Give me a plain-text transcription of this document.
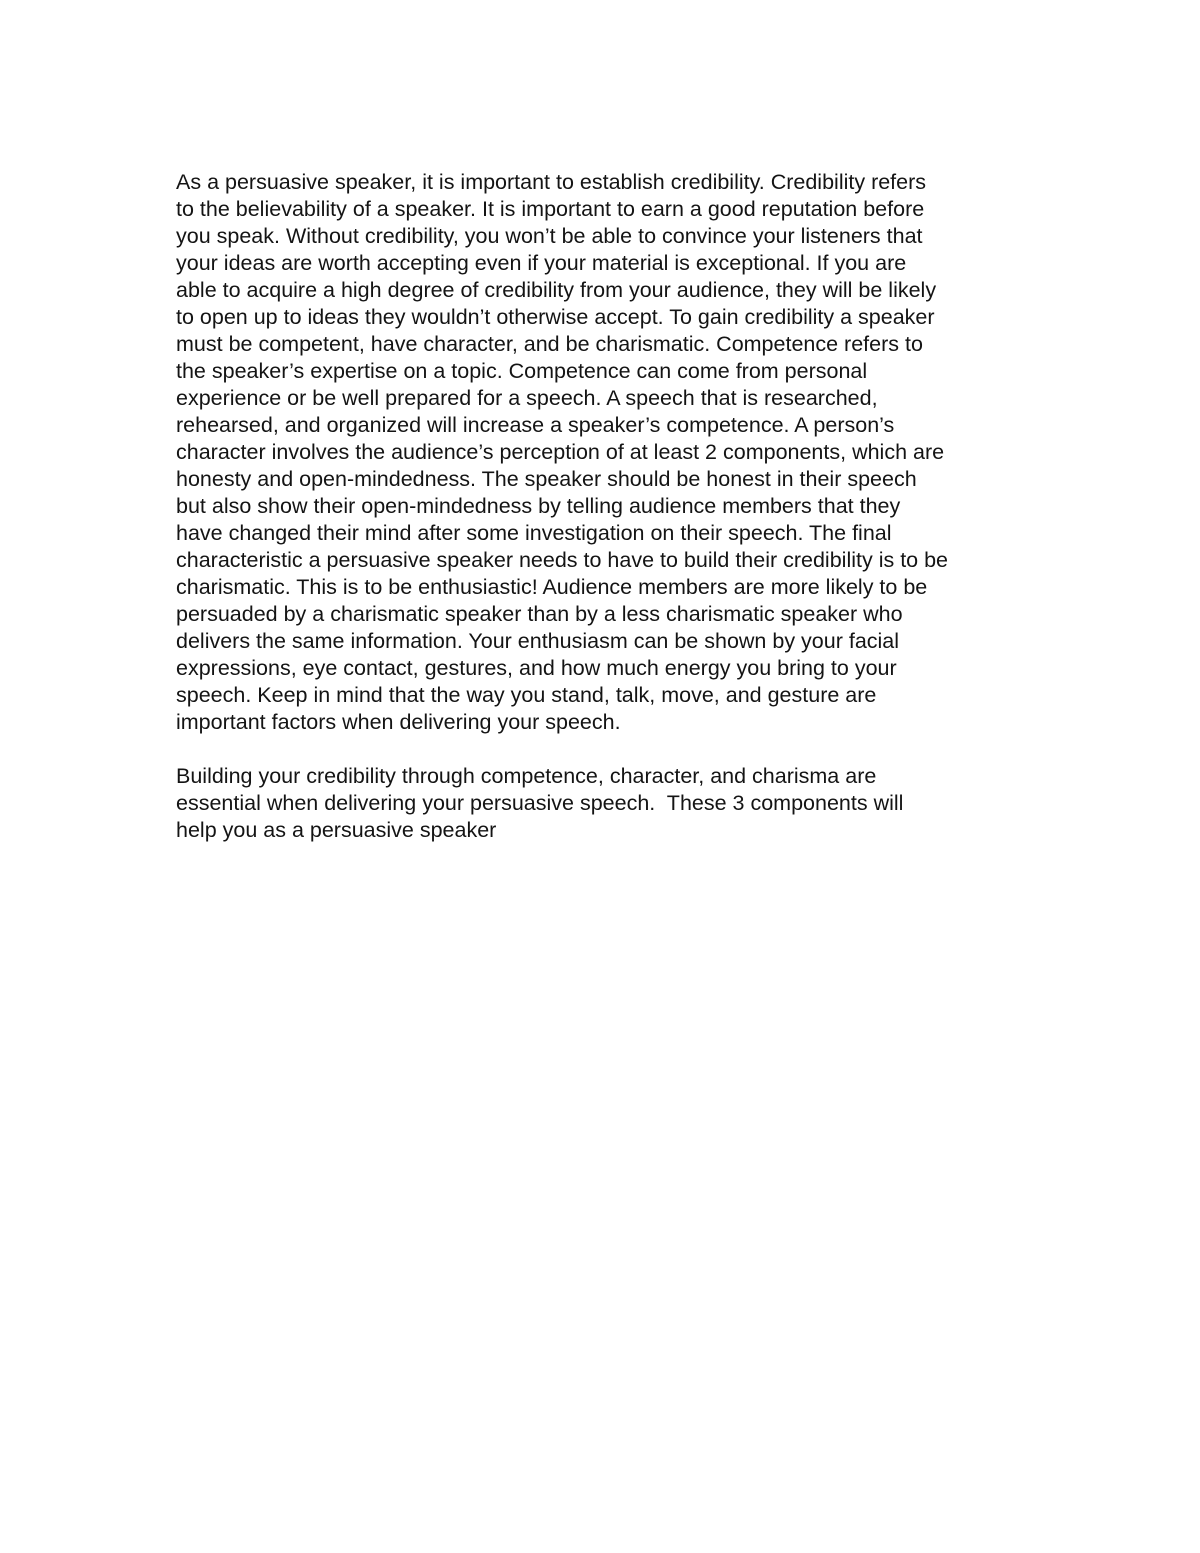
As a persuasive speaker, it is important to establish credibility. Credibility refers
to the believability of a speaker. It is important to earn a good reputation before
you speak. Without credibility, you won’t be able to convince your listeners that
your ideas are worth accepting even if your material is exceptional. If you are
able to acquire a high degree of credibility from your audience, they will be likely
to open up to ideas they wouldn’t otherwise accept. To gain credibility a speaker
must be competent, have character, and be charismatic. Competence refers to
the speaker’s expertise on a topic. Competence can come from personal
experience or be well prepared for a speech. A speech that is researched,
rehearsed, and organized will increase a speaker’s competence. A person’s
character involves the audience’s perception of at least 2 components, which are
honesty and open-mindedness. The speaker should be honest in their speech
but also show their open-mindedness by telling audience members that they
have changed their mind after some investigation on their speech. The final
characteristic a persuasive speaker needs to have to build their credibility is to be
charismatic. This is to be enthusiastic! Audience members are more likely to be
persuaded by a charismatic speaker than by a less charismatic speaker who
delivers the same information. Your enthusiasm can be shown by your facial
expressions, eye contact, gestures, and how much energy you bring to your
speech. Keep in mind that the way you stand, talk, move, and gesture are
important factors when delivering your speech.

Building your credibility through competence, character, and charisma are
essential when delivering your persuasive speech.  These 3 components will
help you as a persuasive speaker
